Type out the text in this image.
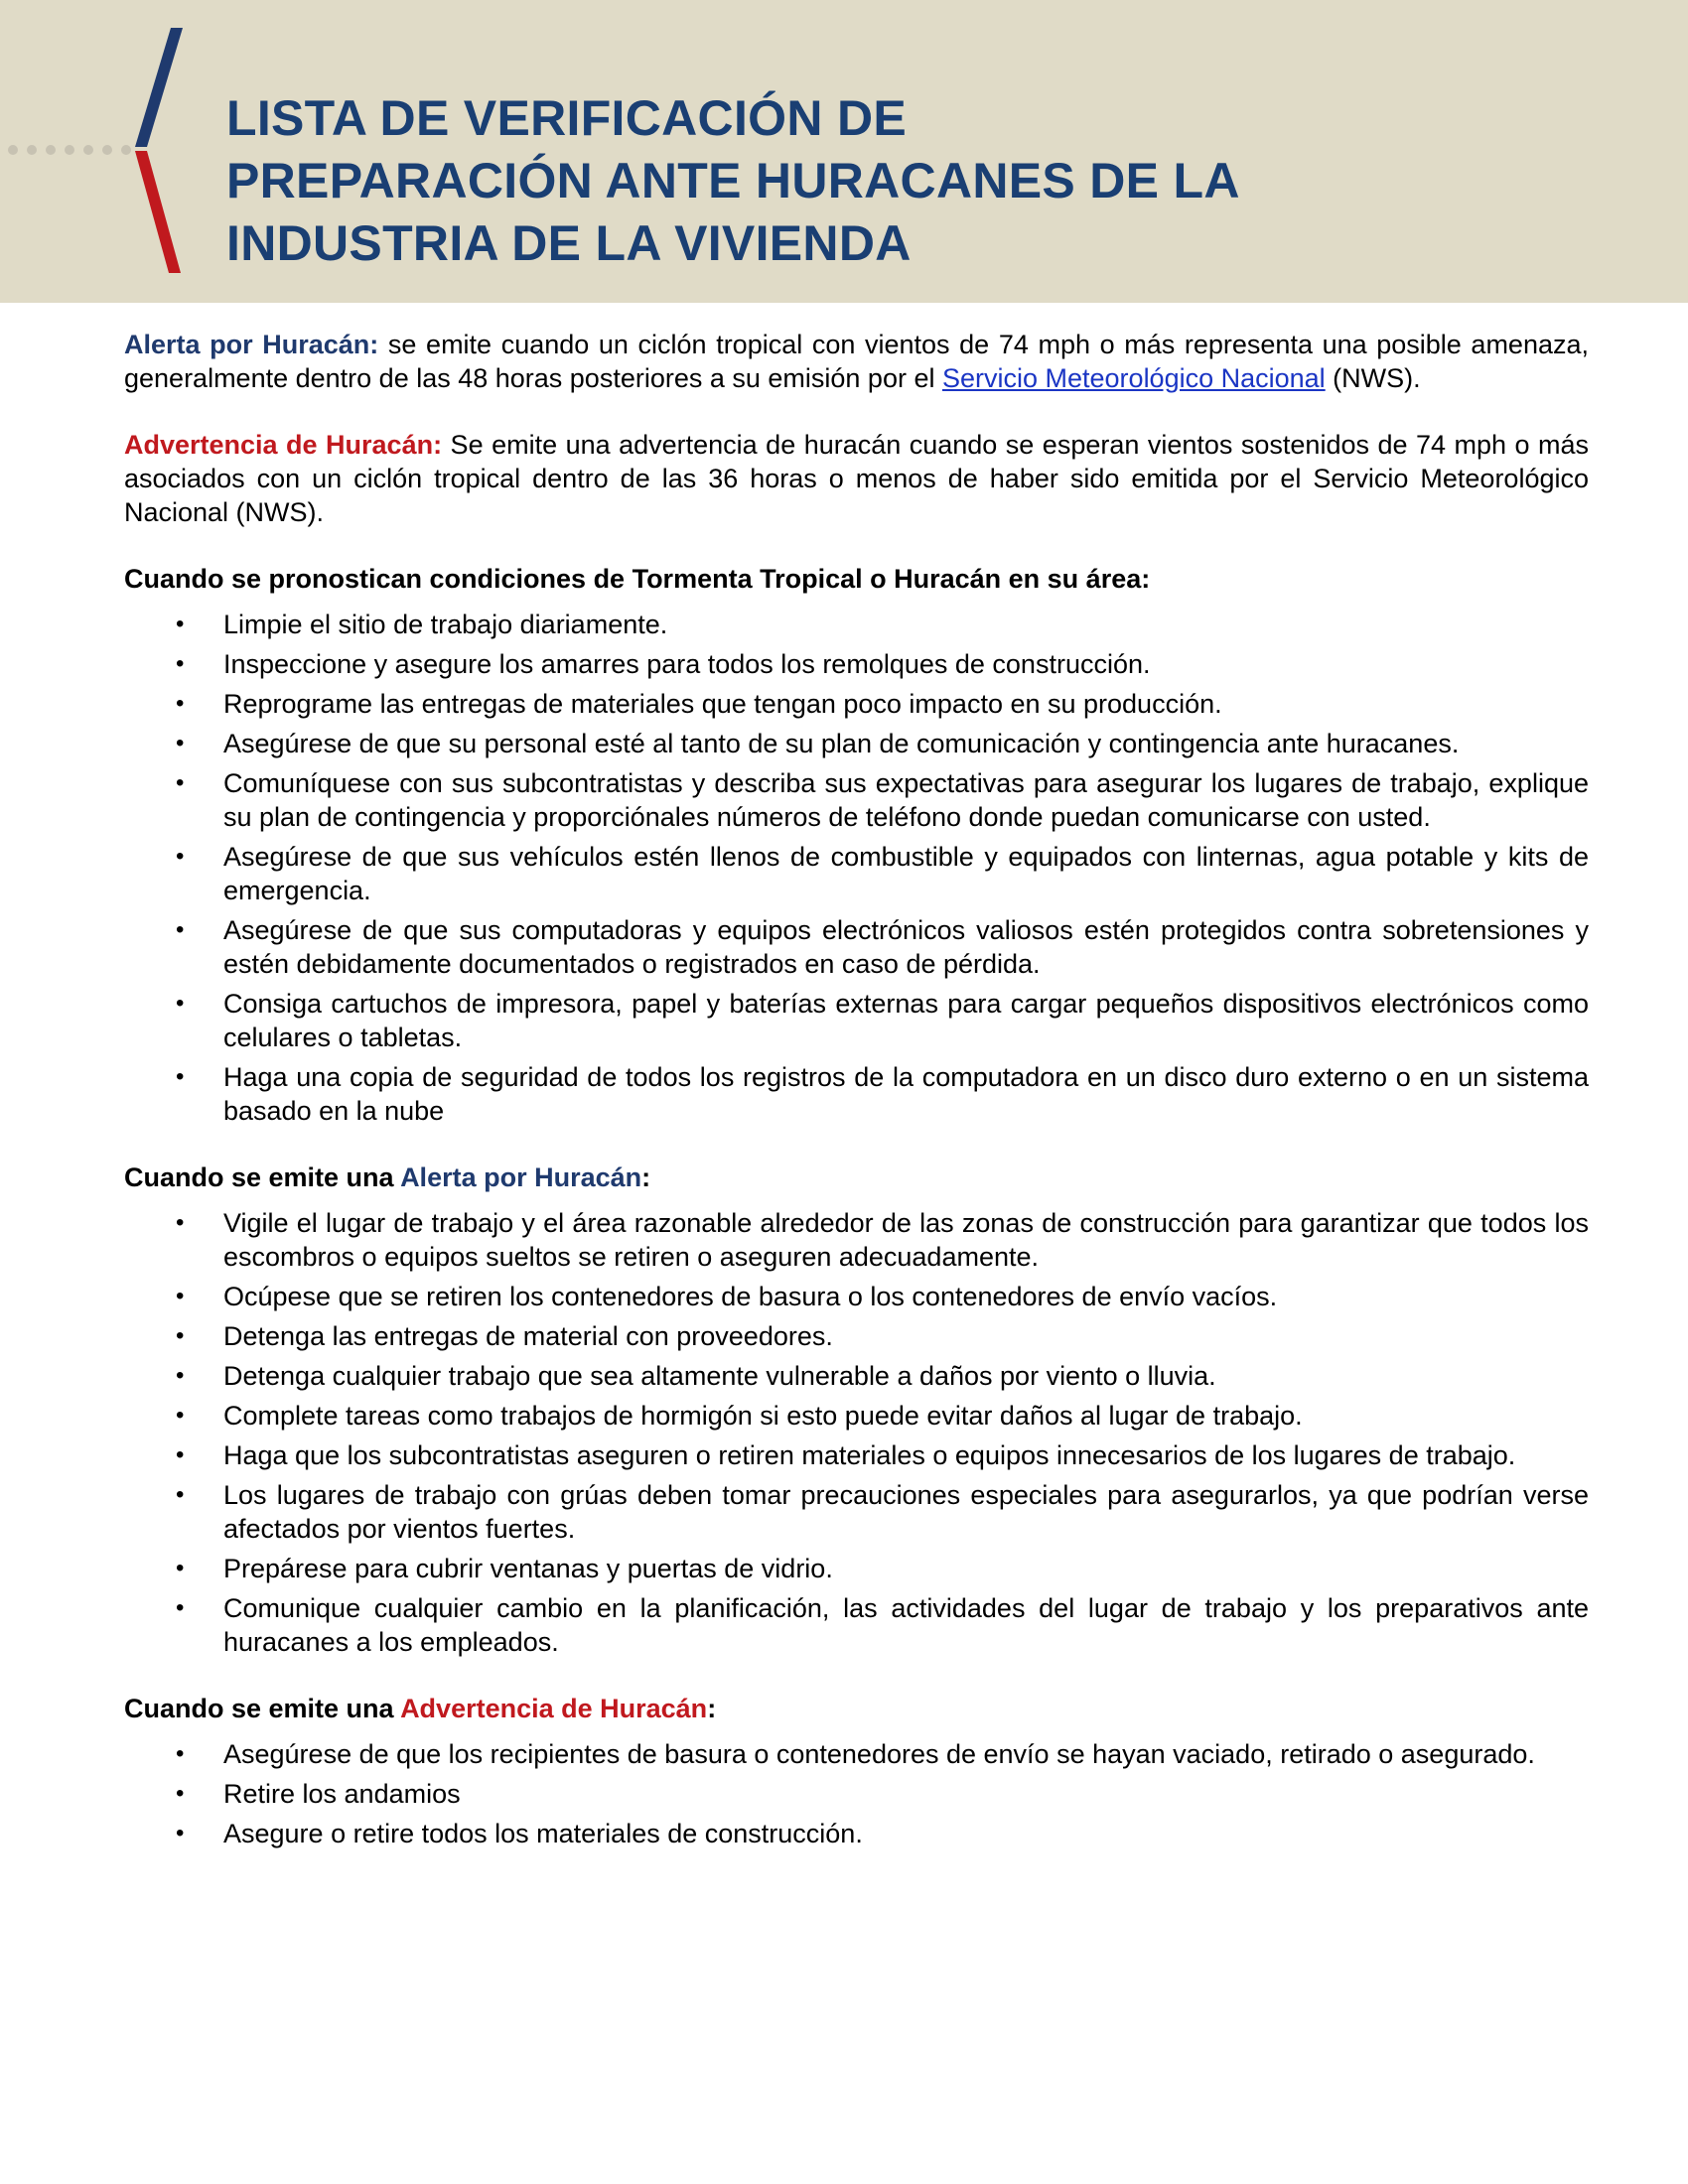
LISTA DE VERIFICACIÓN DE
PREPARACIÓN ANTE HURACANES DE LA
INDUSTRIA DE LA VIVIENDA

Alerta por Huracán: se emite cuando un ciclón tropical con vientos de 74 mph o más representa una posible amenaza, generalmente dentro de las 48 horas posteriores a su emisión por el Servicio Meteorológico Nacional (NWS).

Advertencia de Huracán: Se emite una advertencia de huracán cuando se esperan vientos sostenidos de 74 mph o más asociados con un ciclón tropical dentro de las 36 horas o menos de haber sido emitida por el Servicio Meteorológico Nacional (NWS).

Cuando se pronostican condiciones de Tormenta Tropical o Huracán en su área:

• Limpie el sitio de trabajo diariamente.
• Inspeccione y asegure los amarres para todos los remolques de construcción.
• Reprograme las entregas de materiales que tengan poco impacto en su producción.
• Asegúrese de que su personal esté al tanto de su plan de comunicación y contingencia ante huracanes.
• Comuníquese con sus subcontratistas y describa sus expectativas para asegurar los lugares de trabajo, explique su plan de contingencia y proporciónales números de teléfono donde puedan comunicarse con usted.
• Asegúrese de que sus vehículos estén llenos de combustible y equipados con linternas, agua potable y kits de emergencia.
• Asegúrese de que sus computadoras y equipos electrónicos valiosos estén protegidos contra sobretensiones y estén debidamente documentados o registrados en caso de pérdida.
• Consiga cartuchos de impresora, papel y baterías externas para cargar pequeños dispositivos electrónicos como celulares o tabletas.
• Haga una copia de seguridad de todos los registros de la computadora en un disco duro externo o en un sistema basado en la nube

Cuando se emite una Alerta por Huracán:

• Vigile el lugar de trabajo y el área razonable alrededor de las zonas de construcción para garantizar que todos los escombros o equipos sueltos se retiren o aseguren adecuadamente.
• Ocúpese que se retiren los contenedores de basura o los contenedores de envío vacíos.
• Detenga las entregas de material con proveedores.
• Detenga cualquier trabajo que sea altamente vulnerable a daños por viento o lluvia.
• Complete tareas como trabajos de hormigón si esto puede evitar daños al lugar de trabajo.
• Haga que los subcontratistas aseguren o retiren materiales o equipos innecesarios de los lugares de trabajo.
• Los lugares de trabajo con grúas deben tomar precauciones especiales para asegurarlos, ya que podrían verse afectados por vientos fuertes.
• Prepárese para cubrir ventanas y puertas de vidrio.
• Comunique cualquier cambio en la planificación, las actividades del lugar de trabajo y los preparativos ante huracanes a los empleados.

Cuando se emite una Advertencia de Huracán:

• Asegúrese de que los recipientes de basura o contenedores de envío se hayan vaciado, retirado o asegurado.
• Retire los andamios
• Asegure o retire todos los materiales de construcción.
